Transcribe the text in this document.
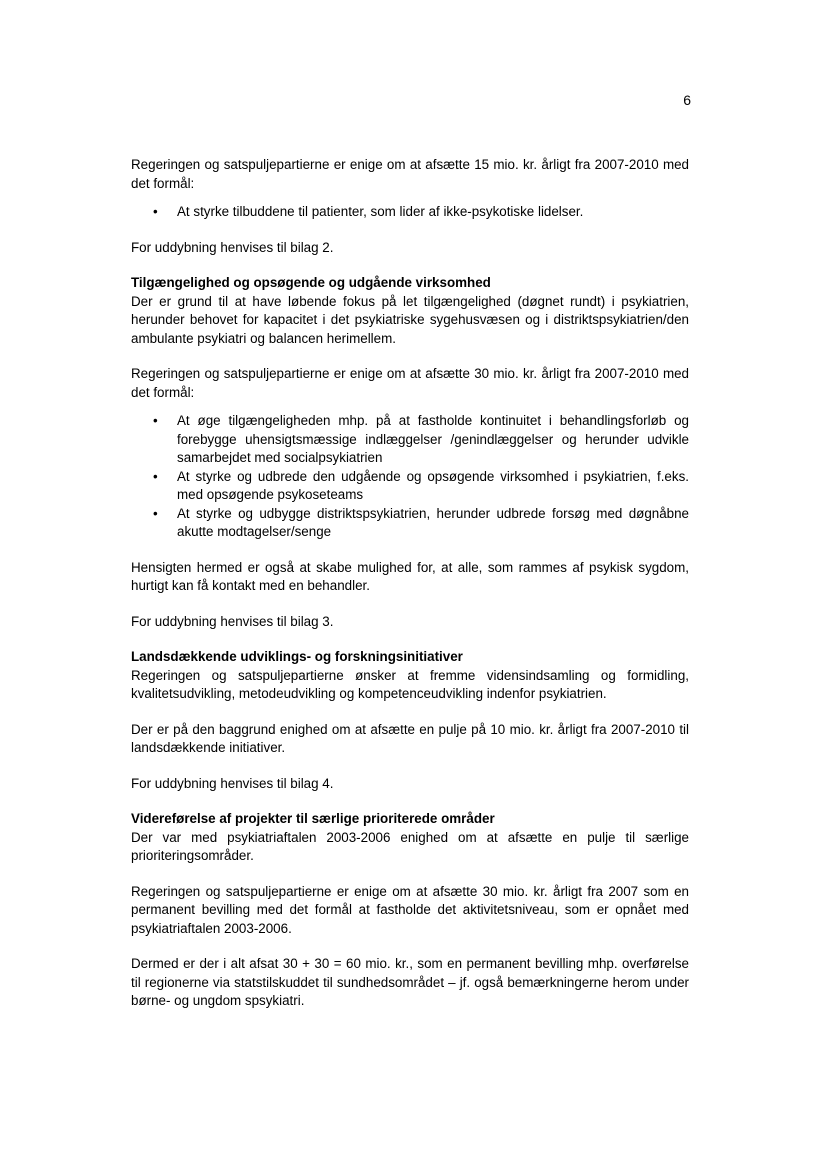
6

Regeringen og satspuljepartierne er enige om at afsætte 15 mio. kr. årligt fra 2007-2010 med det formål:

• At styrke tilbuddene til patienter, som lider af ikke-psykotiske lidelser.

For uddybning henvises til bilag 2.

Tilgængelighed og opsøgende og udgående virksomhed

Der er grund til at have løbende fokus på let tilgængelighed (døgnet rundt) i psykiatrien, herunder behovet for kapacitet i det psykiatriske sygehusvæsen og i distriktspsykiatrien/den ambulante psykiatri og balancen herimellem.

Regeringen og satspuljepartierne er enige om at afsætte 30 mio. kr. årligt fra 2007-2010 med det formål:

• At øge tilgængeligheden mhp. på at fastholde kontinuitet i behandlingsforløb og forebygge uhensigtsmæssige indlæggelser /genindlæggelser og herunder udvikle samarbejdet med socialpsykiatrien
• At styrke og udbrede den udgående og opsøgende virksomhed i psykiatrien, f.eks. med opsøgende psykoseteams
• At styrke og udbygge distriktspsykiatrien, herunder udbrede forsøg med døgnåbne akutte modtagelser/senge

Hensigten hermed er også at skabe mulighed for, at alle, som rammes af psykisk sygdom, hurtigt kan få kontakt med en behandler.

For uddybning henvises til bilag 3.

Landsdækkende udviklings- og forskningsinitiativer

Regeringen og satspuljepartierne ønsker at fremme vidensindsamling og formidling, kvalitetsudvikling, metodeudvikling og kompetenceudvikling indenfor psykiatrien.

Der er på den baggrund enighed om at afsætte en pulje på 10 mio. kr. årligt fra 2007-2010 til landsdækkende initiativer.

For uddybning henvises til bilag 4.

Videreførelse af projekter til særlige prioriterede områder

Der var med psykiatriaftalen 2003-2006 enighed om at afsætte en pulje til særlige prioriteringsområder.

Regeringen og satspuljepartierne er enige om at afsætte 30 mio. kr. årligt fra 2007 som en permanent bevilling med det formål at fastholde det aktivitetsniveau, som er opnået med psykiatriaftalen 2003-2006.

Dermed er der i alt afsat 30 + 30 = 60 mio. kr., som en permanent bevilling mhp. overførelse til regionerne via statstilskuddet til sundhedsområdet – jf. også bemærkningerne herom under børne- og ungdom spsykiatri.
